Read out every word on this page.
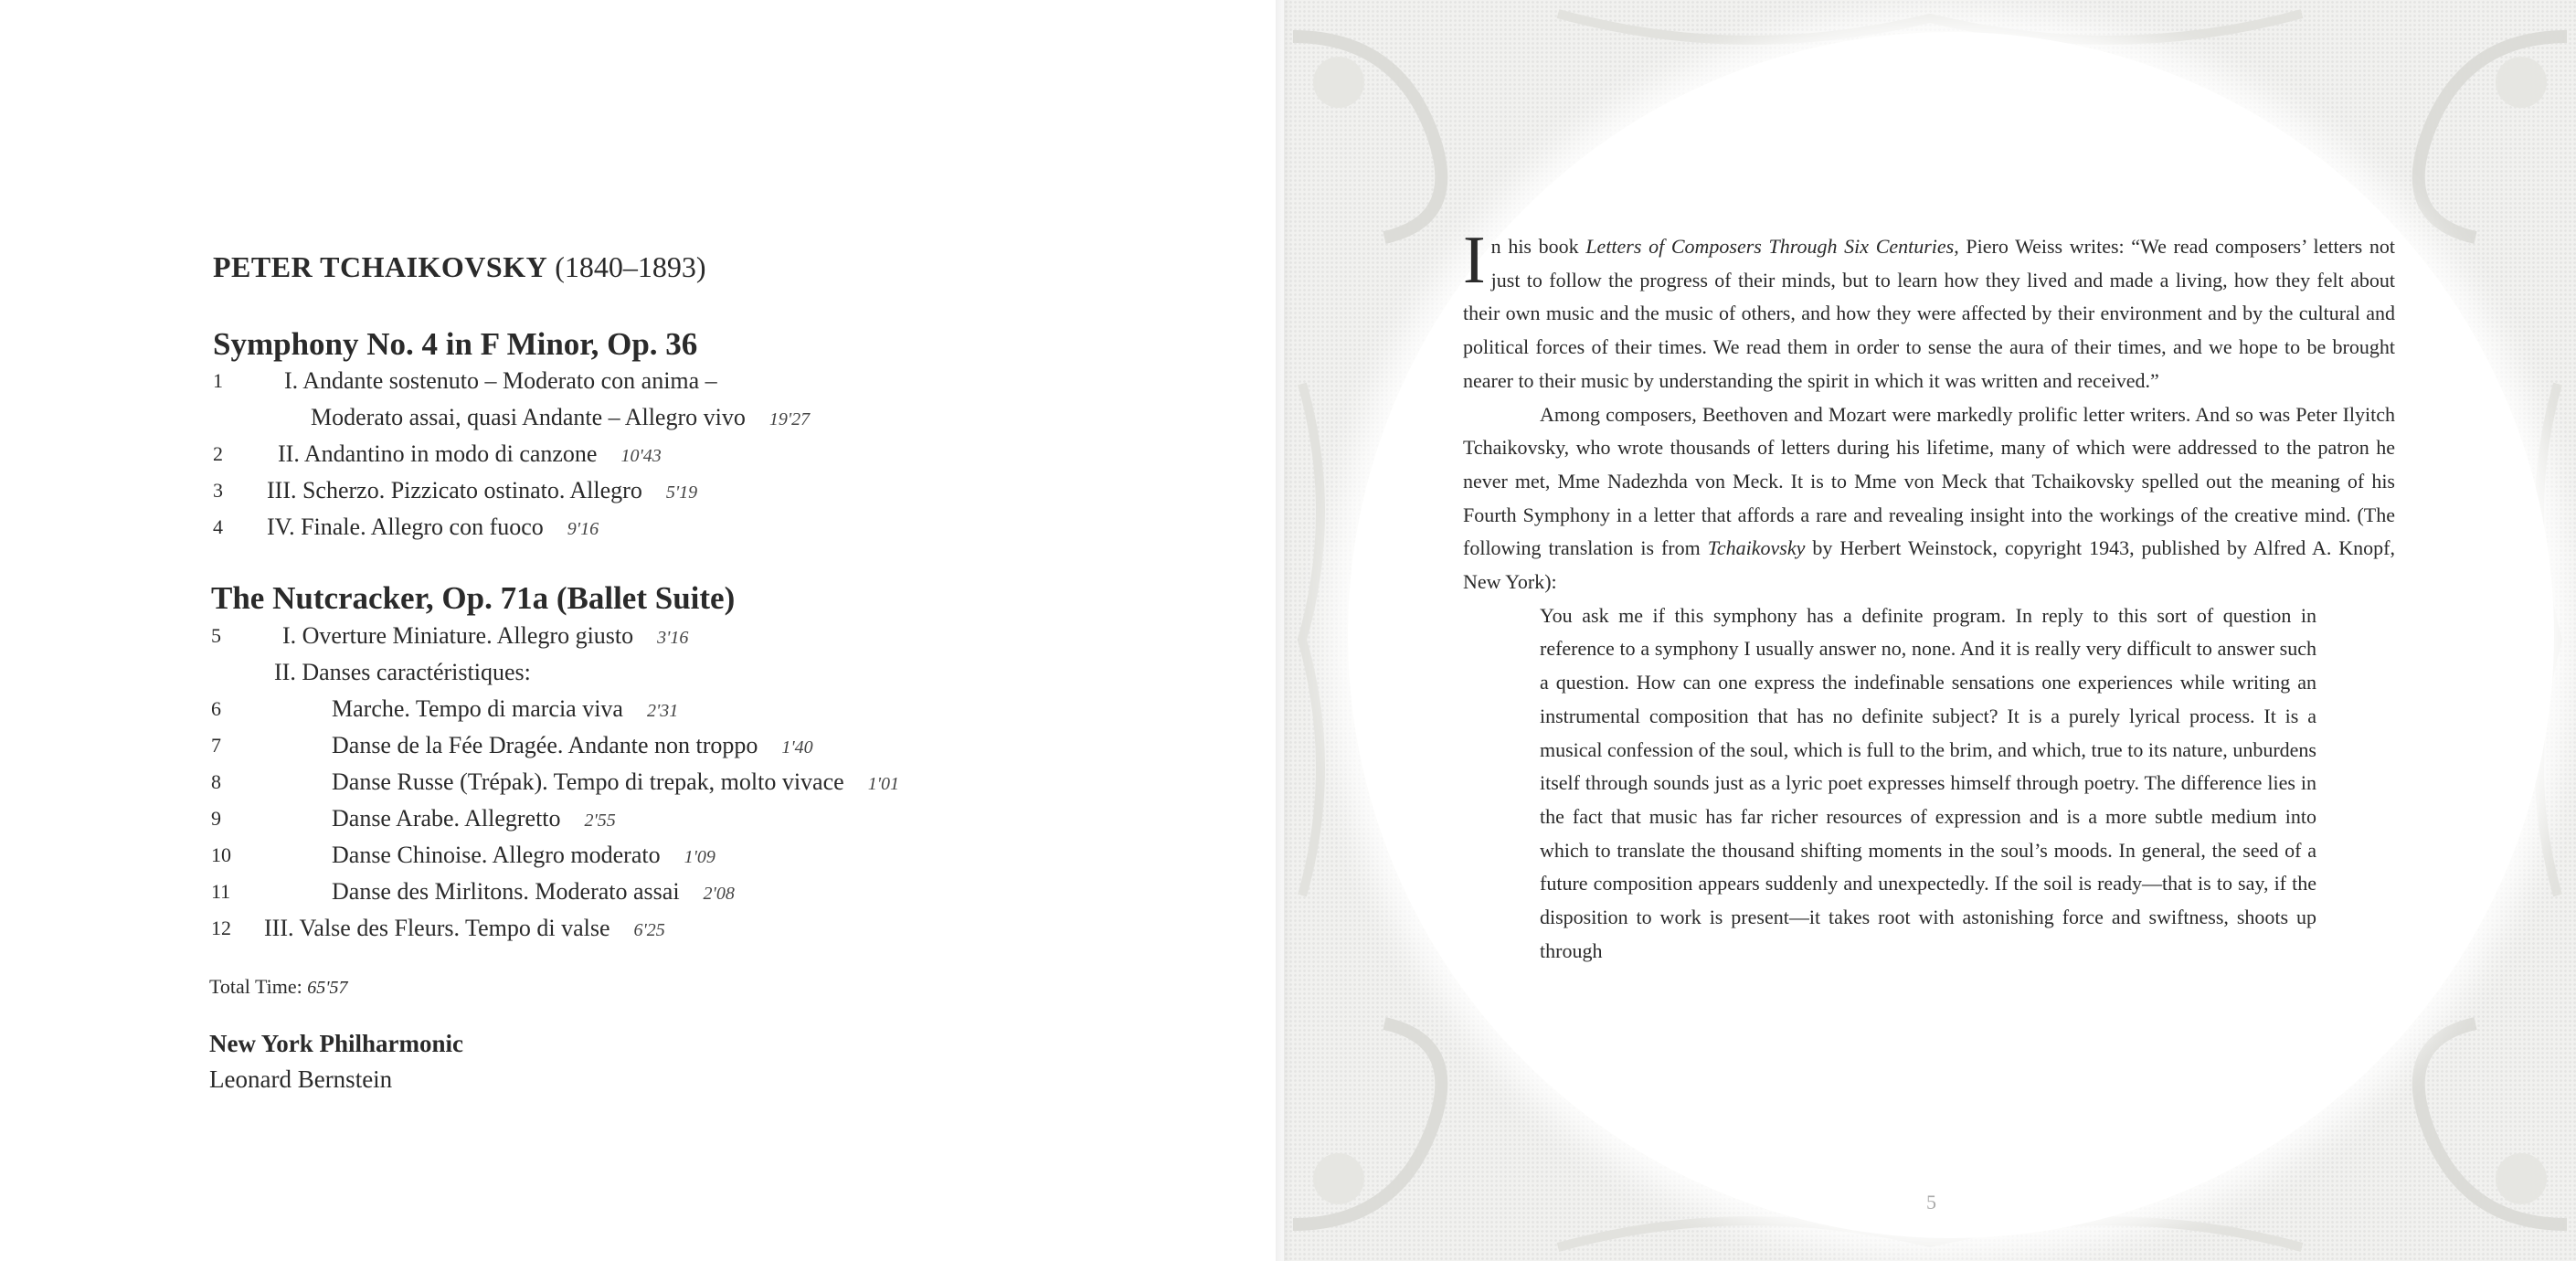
PETER TCHAIKOVSKY (1840–1893)
Symphony No. 4 in F Minor, Op. 36
1	I. Andante sostenuto – Moderato con anima –
Moderato assai, quasi Andante – Allegro vivo 19'27
2 II. Andantino in modo di canzone 10'43
3 III. Scherzo. Pizzicato ostinato. Allegro 5'19
4 IV. Finale. Allegro con fuoco 9'16
The Nutcracker, Op. 71a (Ballet Suite)
5	I. Overture Miniature. Allegro giusto 3'16
II. Danses caractéristiques:
6	Marche. Tempo di marcia viva 2'31
7	Danse de la Fée Dragée. Andante non troppo 1'40
8	Danse Russe (Trépak). Tempo di trepak, molto vivace 1'01
9	Danse Arabe. Allegretto 2'55
10	Danse Chinoise. Allegro moderato 1'09
11	Danse des Mirlitons. Moderato assai 2'08
12 III. Valse des Fleurs. Tempo di valse 6'25
Total Time: 65'57
New York Philharmonic
Leonard Bernstein

In his book Letters of Composers Through Six Centuries, Piero Weiss writes: “We read composers’ letters not just to follow the progress of their minds, but to learn how they lived and made a living, how they felt about their own music and the music of others, and how they were affected by their environment and by the cultural and political forces of their times. We read them in order to sense the aura of their times, and we hope to be brought nearer to their music by understanding the spirit in which it was written and received.”

Among composers, Beethoven and Mozart were markedly prolific letter writers. And so was Peter Ilyitch Tchaikovsky, who wrote thousands of letters during his lifetime, many of which were addressed to the patron he never met, Mme Nadezhda von Meck. It is to Mme von Meck that Tchaikovsky spelled out the meaning of his Fourth Symphony in a letter that affords a rare and revealing insight into the workings of the creative mind. (The following translation is from Tchaikovsky by Herbert Weinstock, copyright 1943, published by Alfred A. Knopf, New York):

You ask me if this symphony has a definite program. In reply to this sort of question in reference to a symphony I usually answer no, none. And it is really very difficult to answer such a question. How can one express the indefinable sensations one experiences while writing an instrumental composition that has no definite subject? It is a purely lyrical process. It is a musical confession of the soul, which is full to the brim, and which, true to its nature, unburdens itself through sounds just as a lyric poet expresses himself through poetry. The difference lies in the fact that music has far richer resources of expression and is a more subtle medium into which to translate the thousand shifting moments in the soul’s moods. In general, the seed of a future composition appears suddenly and unexpectedly. If the soil is ready—that is to say, if the disposition to work is present—it takes root with astonishing force and swiftness, shoots up through

5
